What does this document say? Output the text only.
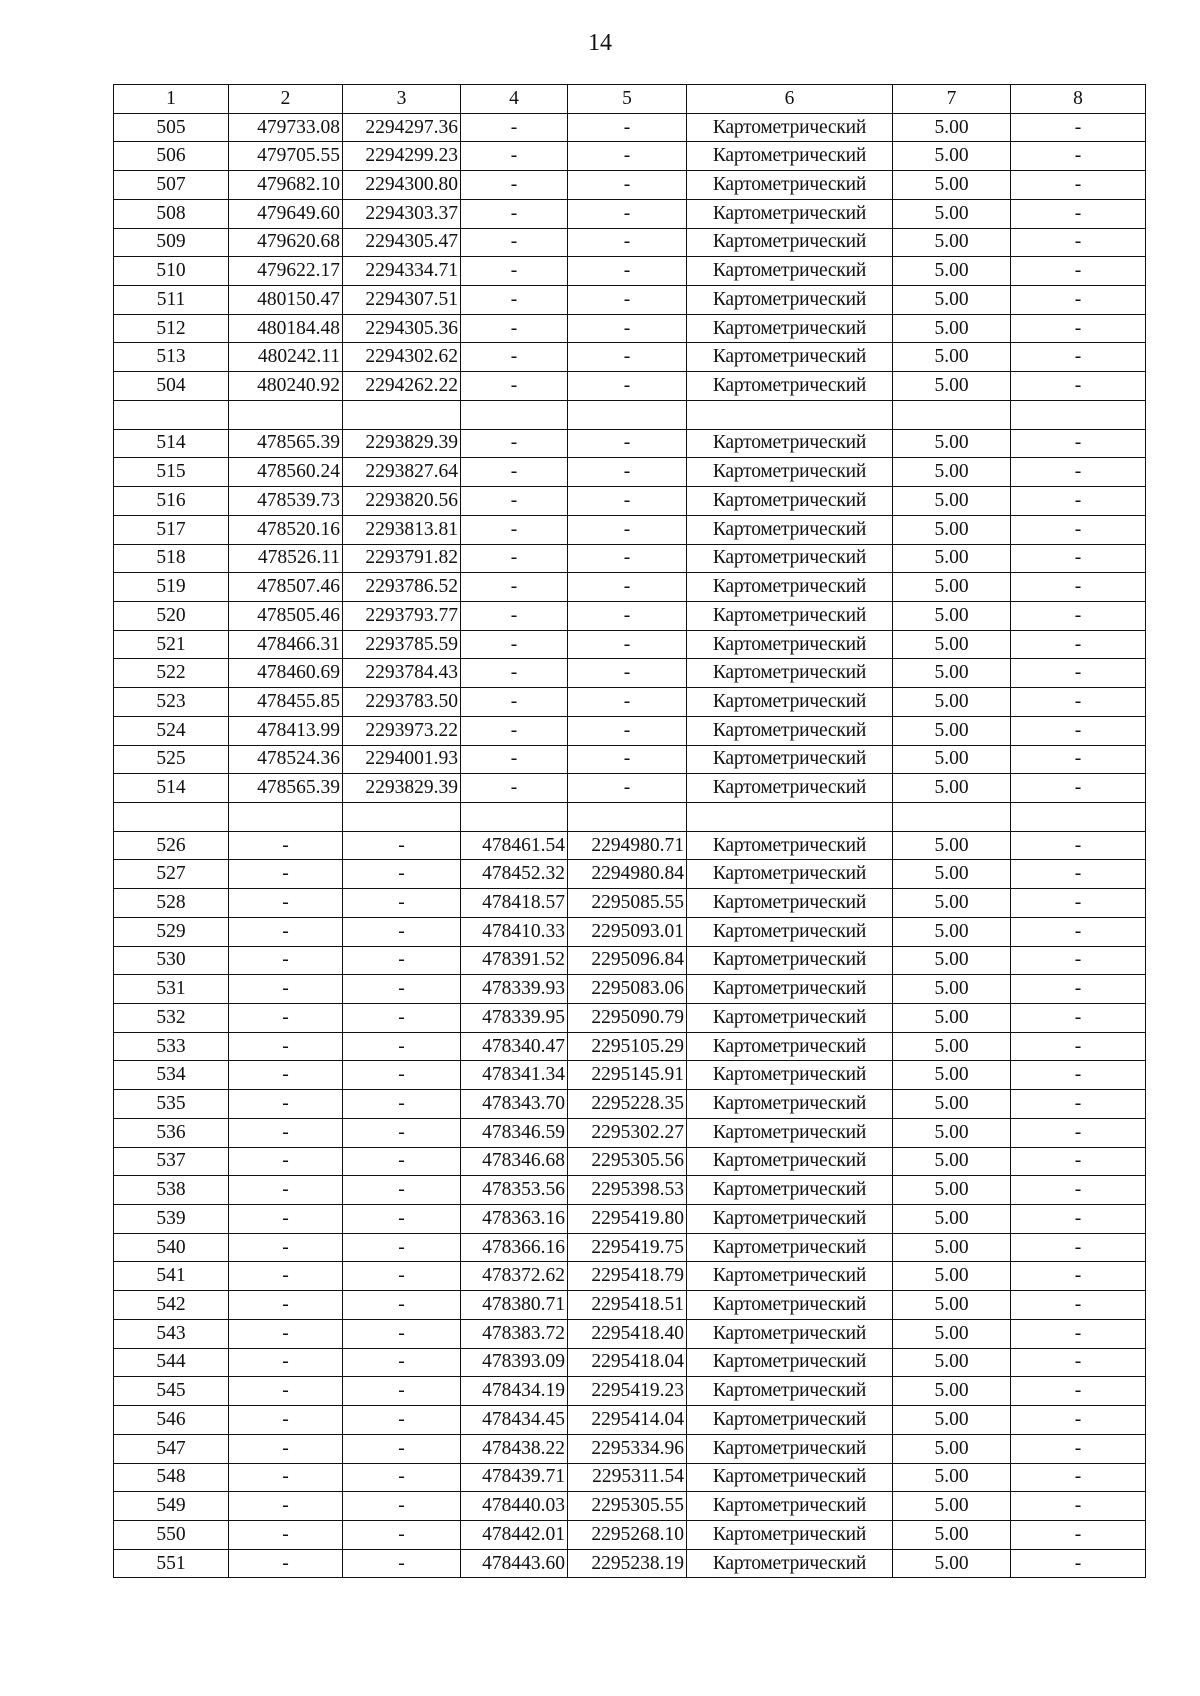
14
1	2	3	4	5	6	7	8
505	479733.08	2294297.36	-	-	Картометрический	5.00	-
506	479705.55	2294299.23	-	-	Картометрический	5.00	-
507	479682.10	2294300.80	-	-	Картометрический	5.00	-
508	479649.60	2294303.37	-	-	Картометрический	5.00	-
509	479620.68	2294305.47	-	-	Картометрический	5.00	-
510	479622.17	2294334.71	-	-	Картометрический	5.00	-
511	480150.47	2294307.51	-	-	Картометрический	5.00	-
512	480184.48	2294305.36	-	-	Картометрический	5.00	-
513	480242.11	2294302.62	-	-	Картометрический	5.00	-
504	480240.92	2294262.22	-	-	Картометрический	5.00	-

514	478565.39	2293829.39	-	-	Картометрический	5.00	-
515	478560.24	2293827.64	-	-	Картометрический	5.00	-
516	478539.73	2293820.56	-	-	Картометрический	5.00	-
517	478520.16	2293813.81	-	-	Картометрический	5.00	-
518	478526.11	2293791.82	-	-	Картометрический	5.00	-
519	478507.46	2293786.52	-	-	Картометрический	5.00	-
520	478505.46	2293793.77	-	-	Картометрический	5.00	-
521	478466.31	2293785.59	-	-	Картометрический	5.00	-
522	478460.69	2293784.43	-	-	Картометрический	5.00	-
523	478455.85	2293783.50	-	-	Картометрический	5.00	-
524	478413.99	2293973.22	-	-	Картометрический	5.00	-
525	478524.36	2294001.93	-	-	Картометрический	5.00	-
514	478565.39	2293829.39	-	-	Картометрический	5.00	-

526	-	-	478461.54	2294980.71	Картометрический	5.00	-
527	-	-	478452.32	2294980.84	Картометрический	5.00	-
528	-	-	478418.57	2295085.55	Картометрический	5.00	-
529	-	-	478410.33	2295093.01	Картометрический	5.00	-
530	-	-	478391.52	2295096.84	Картометрический	5.00	-
531	-	-	478339.93	2295083.06	Картометрический	5.00	-
532	-	-	478339.95	2295090.79	Картометрический	5.00	-
533	-	-	478340.47	2295105.29	Картометрический	5.00	-
534	-	-	478341.34	2295145.91	Картометрический	5.00	-
535	-	-	478343.70	2295228.35	Картометрический	5.00	-
536	-	-	478346.59	2295302.27	Картометрический	5.00	-
537	-	-	478346.68	2295305.56	Картометрический	5.00	-
538	-	-	478353.56	2295398.53	Картометрический	5.00	-
539	-	-	478363.16	2295419.80	Картометрический	5.00	-
540	-	-	478366.16	2295419.75	Картометрический	5.00	-
541	-	-	478372.62	2295418.79	Картометрический	5.00	-
542	-	-	478380.71	2295418.51	Картометрический	5.00	-
543	-	-	478383.72	2295418.40	Картометрический	5.00	-
544	-	-	478393.09	2295418.04	Картометрический	5.00	-
545	-	-	478434.19	2295419.23	Картометрический	5.00	-
546	-	-	478434.45	2295414.04	Картометрический	5.00	-
547	-	-	478438.22	2295334.96	Картометрический	5.00	-
548	-	-	478439.71	2295311.54	Картометрический	5.00	-
549	-	-	478440.03	2295305.55	Картометрический	5.00	-
550	-	-	478442.01	2295268.10	Картометрический	5.00	-
551	-	-	478443.60	2295238.19	Картометрический	5.00	-
